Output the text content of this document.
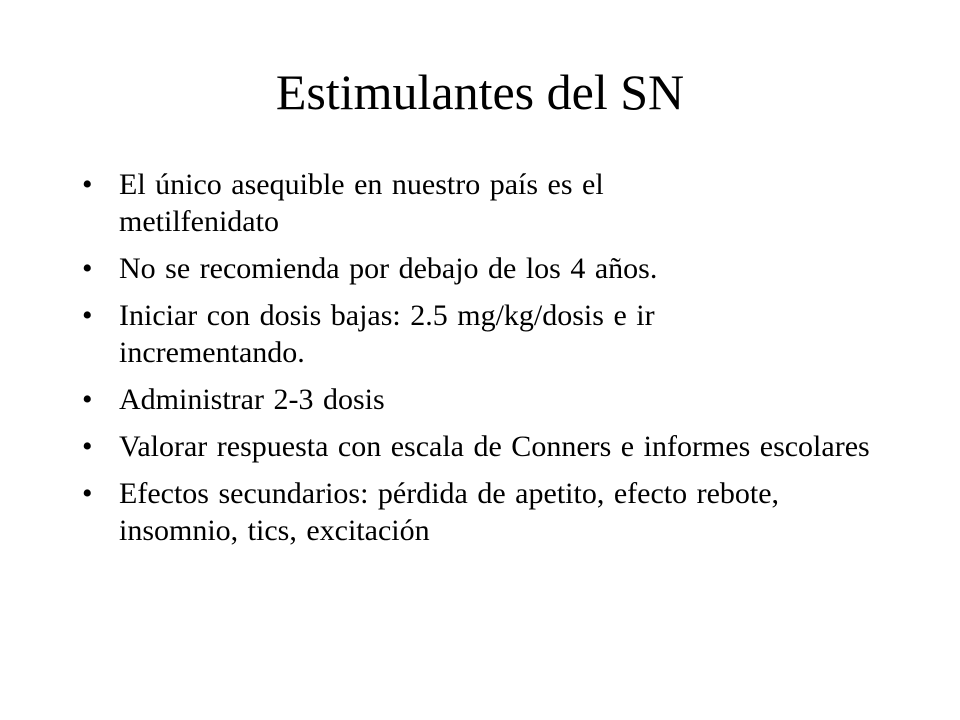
Estimulantes del SN
• El único asequible en nuestro país es el metilfenidato
• No se recomienda por debajo de los 4 años.
• Iniciar con dosis bajas: 2.5 mg/kg/dosis e ir incrementando.
• Administrar 2-3 dosis
• Valorar respuesta con escala de Conners e informes escolares
• Efectos secundarios: pérdida de apetito, efecto rebote, insomnio, tics, excitación
